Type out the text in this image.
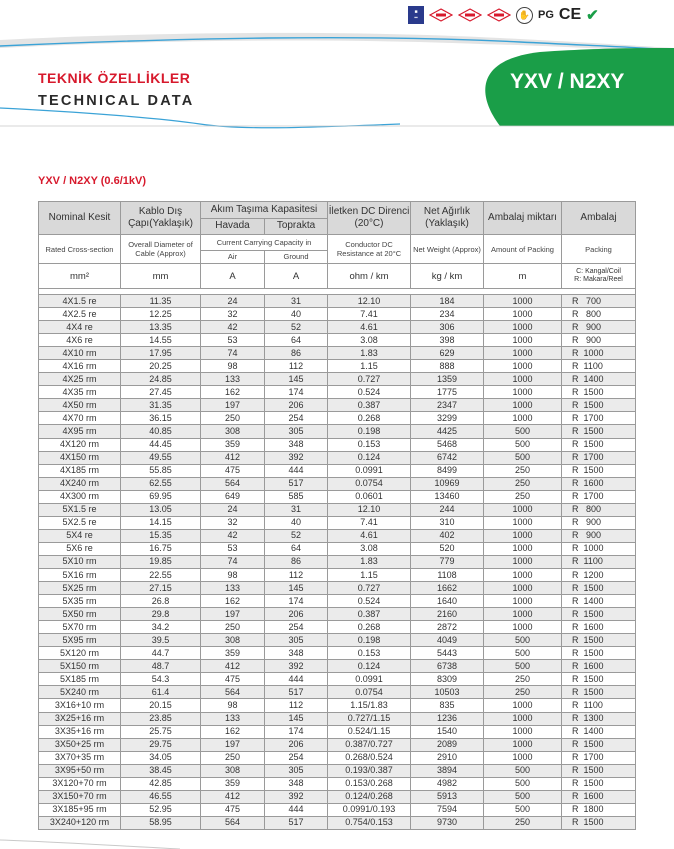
■
▪▪	✋ PG CE ✔
TEKNİK ÖZELLİKLER
TECHNICAL DATA
YXV / N2XY
YXV / N2XY (0.6/1kV)
Nominal Kesit	Kablo Dış Çapı(Yaklaşık)	Akım Taşıma Kapasitesi		İletken DC Direnci (20°C)	Net Ağırlık (Yaklaşık)	Ambalaj miktarı	Ambalaj
		Havada	Toprakta				
Rated Cross-section	Overall Diameter of Cable (Approx)	Current Carrying Capacity in		Conductor DC Resistance at 20°C	Net Weight (Approx)	Amount of Packing	Packing
		Air	Ground				
mm²	mm	A	A	ohm / km	kg / km	m	C: Kangal/Coil
R: Makara/Reel

4X1.5 re	11.35	24	31	12.10	184	1000	R   700
4X2.5 re	12.25	32	40	7.41	234	1000	R   800
4X4 re	13.35	42	52	4.61	306	1000	R   900
4X6 re	14.55	53	64	3.08	398	1000	R   900
4X10 rm	17.95	74	86	1.83	629	1000	R  1000
4X16 rm	20.25	98	112	1.15	888	1000	R  1100
4X25 rm	24.85	133	145	0.727	1359	1000	R  1400
4X35 rm	27.45	162	174	0.524	1775	1000	R  1500
4X50 rm	31.35	197	206	0.387	2347	1000	R  1500
4X70 rm	36.15	250	254	0.268	3299	1000	R  1700
4X95 rm	40.85	308	305	0.198	4425	500	R  1500
4X120 rm	44.45	359	348	0.153	5468	500	R  1500
4X150 rm	49.55	412	392	0.124	6742	500	R  1700
4X185 rm	55.85	475	444	0.0991	8499	250	R  1500
4X240 rm	62.55	564	517	0.0754	10969	250	R  1600
4X300 rm	69.95	649	585	0.0601	13460	250	R  1700
5X1.5 re	13.05	24	31	12.10	244	1000	R   800
5X2.5 re	14.15	32	40	7.41	310	1000	R   900
5X4 re	15.35	42	52	4.61	402	1000	R   900
5X6 re	16.75	53	64	3.08	520	1000	R  1000
5X10 rm	19.85	74	86	1.83	779	1000	R  1100
5X16 rm	22.55	98	112	1.15	1108	1000	R  1200
5X25 rm	27.15	133	145	0.727	1662	1000	R  1500
5X35 rm	26.8	162	174	0.524	1640	1000	R  1400
5X50 rm	29.8	197	206	0.387	2160	1000	R  1500
5X70 rm	34.2	250	254	0.268	2872	1000	R  1600
5X95 rm	39.5	308	305	0.198	4049	500	R  1500
5X120 rm	44.7	359	348	0.153	5443	500	R  1500
5X150 rm	48.7	412	392	0.124	6738	500	R  1600
5X185 rm	54.3	475	444	0.0991	8309	250	R  1500
5X240 rm	61.4	564	517	0.0754	10503	250	R  1500
3X16+10 rm	20.15	98	112	1.15/1.83	835	1000	R  1100
3X25+16 rm	23.85	133	145	0.727/1.15	1236	1000	R  1300
3X35+16 rm	25.75	162	174	0.524/1.15	1540	1000	R  1400
3X50+25 rm	29.75	197	206	0.387/0.727	2089	1000	R  1500
3X70+35 rm	34.05	250	254	0.268/0.524	2910	1000	R  1700
3X95+50 rm	38.45	308	305	0.193/0.387	3894	500	R  1500
3X120+70 rm	42.85	359	348	0.153/0.268	4982	500	R  1500
3X150+70 rm	46.55	412	392	0.124/0.268	5913	500	R  1600
3X185+95 rm	52.95	475	444	0.0991/0.193	7594	500	R  1800
3X240+120 rm	58.95	564	517	0.754/0.153	9730	250	R  1500
